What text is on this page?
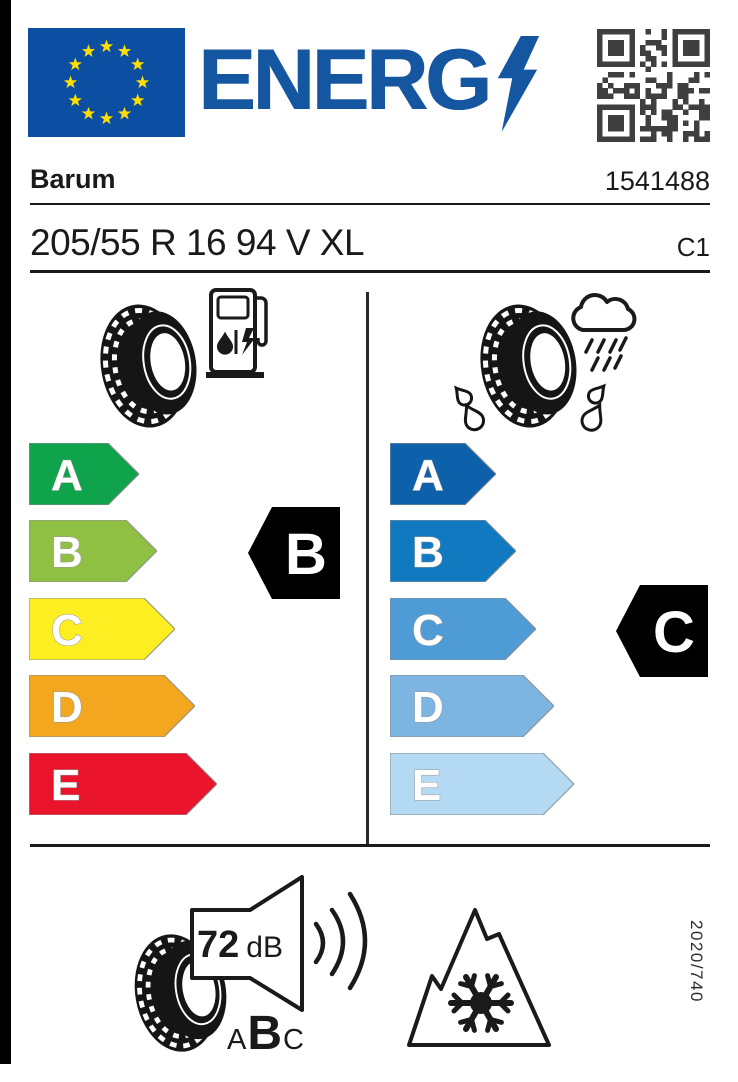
ENERG
Barum	1541488
205/55 R 16 94 V XL	C1
A
B
C
D
E
B
A
B
C
D
E
C
72 dB
A B C
2020/740
